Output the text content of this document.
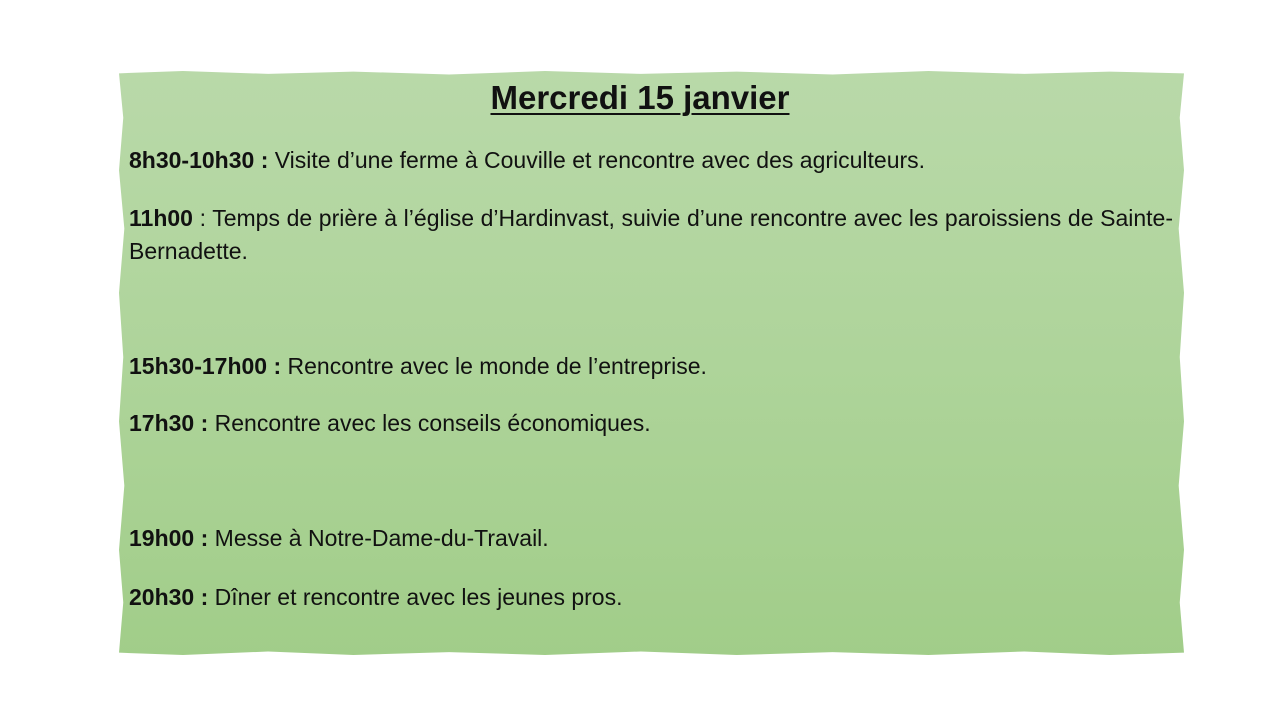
Mercredi 15 janvier

8h30-10h30 : Visite d’une ferme à Couville et rencontre avec des agriculteurs.

11h00 : Temps de prière à l’église d’Hardinvast, suivie d’une rencontre avec les paroissiens de Sainte-Bernadette.

15h30-17h00 : Rencontre avec le monde de l’entreprise.

17h30 : Rencontre avec les conseils économiques.

19h00 : Messe à Notre-Dame-du-Travail.

20h30 : Dîner et rencontre avec les jeunes pros.
